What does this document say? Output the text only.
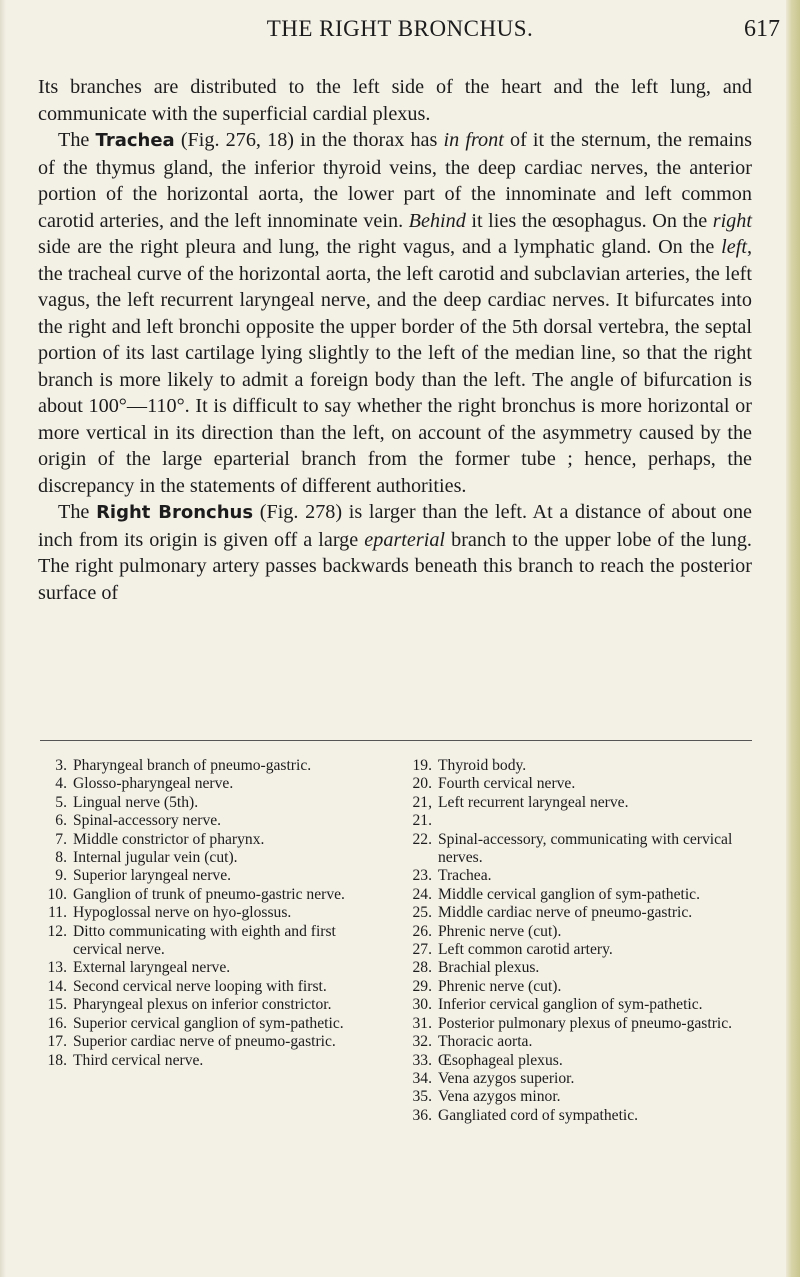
THE RIGHT BRONCHUS.	617

Its branches are distributed to the left side of the heart and the left lung, and communicate with the superficial cardial plexus.

The Trachea (Fig. 276, 18) in the thorax has in front of it the sternum, the remains of the thymus gland, the inferior thyroid veins, the deep cardiac nerves, the anterior portion of the horizontal aorta, the lower part of the innominate and left common carotid arteries, and the left innominate vein. Behind it lies the œsophagus. On the right side are the right pleura and lung, the right vagus, and a lymphatic gland. On the left, the tracheal curve of the horizontal aorta, the left carotid and subclavian arteries, the left vagus, the left recurrent laryngeal nerve, and the deep cardiac nerves. It bifurcates into the right and left bronchi opposite the upper border of the 5th dorsal vertebra, the septal portion of its last cartilage lying slightly to the left of the median line, so that the right branch is more likely to admit a foreign body than the left. The angle of bifurcation is about 100°—110°. It is difficult to say whether the right bronchus is more horizontal or more vertical in its direction than the left, on account of the asymmetry caused by the origin of the large eparterial branch from the former tube ; hence, perhaps, the discrepancy in the statements of different authorities.

The Right Bronchus (Fig. 278) is larger than the left. At a distance of about one inch from its origin is given off a large eparterial branch to the upper lobe of the lung. The right pulmonary artery passes backwards beneath this branch to reach the posterior surface of

3. Pharyngeal branch of pneumo-gastric.
4. Glosso-pharyngeal nerve.
5. Lingual nerve (5th).
6. Spinal-accessory nerve.
7. Middle constrictor of pharynx.
8. Internal jugular vein (cut).
9. Superior laryngeal nerve.
10. Ganglion of trunk of pneumo-gastric nerve.
11. Hypoglossal nerve on hyo-glossus.
12. Ditto communicating with eighth and first cervical nerve.
13. External laryngeal nerve.
14. Second cervical nerve looping with first.
15. Pharyngeal plexus on inferior constrictor.
16. Superior cervical ganglion of sym-pathetic.
17. Superior cardiac nerve of pneumo-gastric.
18. Third cervical nerve.
19. Thyroid body.
20. Fourth cervical nerve.
21, 21.
Left recurrent laryngeal nerve.
22. Spinal-accessory, communicating with cervical nerves.
23. Trachea.
24. Middle cervical ganglion of sym-pathetic.
25. Middle cardiac nerve of pneumo-gastric.
26. Phrenic nerve (cut).
27. Left common carotid artery.
28. Brachial plexus.
29. Phrenic nerve (cut).
30. Inferior cervical ganglion of sym-pathetic.
31. Posterior pulmonary plexus of pneumo-gastric.
32. Thoracic aorta.
33. Œsophageal plexus.
34. Vena azygos superior.
35. Vena azygos minor.
36. Gangliated cord of sympathetic.
